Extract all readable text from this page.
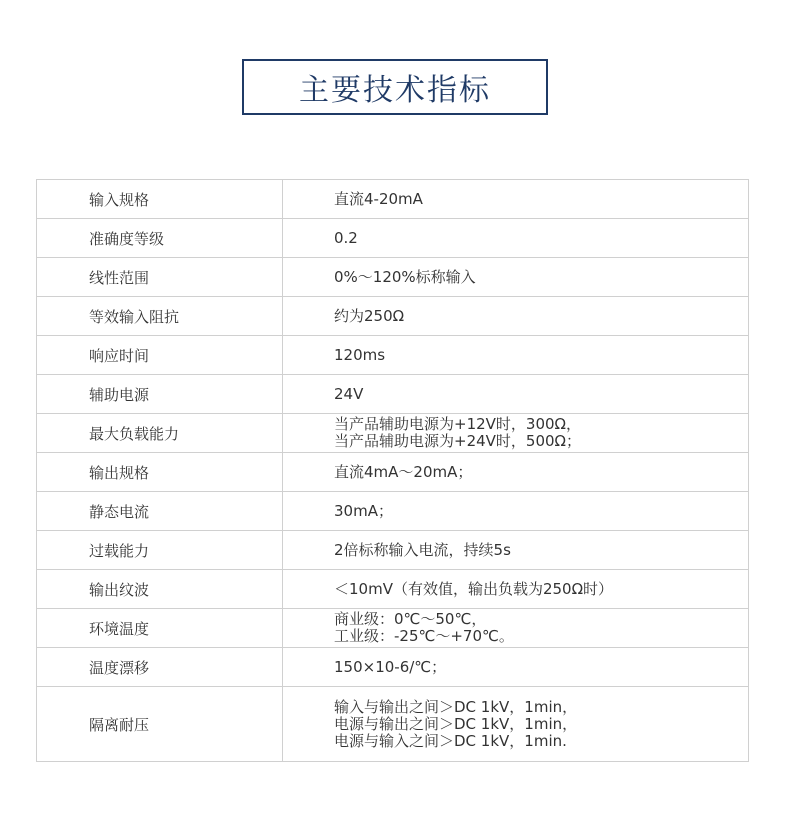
主要技术指标
输入规格	直流4-20mA

准确度等级	0.2

线性范围	0%～120%标称输入

等效输入阻抗	约为250Ω

响应时间	120ms

辅助电源	24V

最大负载能力	当产品辅助电源为+12V时，300Ω，
当产品辅助电源为+24V时，500Ω；

输出规格	直流4mA～20mA；

静态电流	30mA；

过载能力	2倍标称输入电流，持续5s

输出纹波	＜10mV（有效值，输出负载为250Ω时）

环境温度	商业级：0℃～50℃，
工业级：-25℃～+70℃。

温度漂移	150×10-6/℃；

隔离耐压	输入与输出之间＞DC 1kV，1min，
电源与输出之间＞DC 1kV，1min，
电源与输入之间＞DC 1kV，1min.
